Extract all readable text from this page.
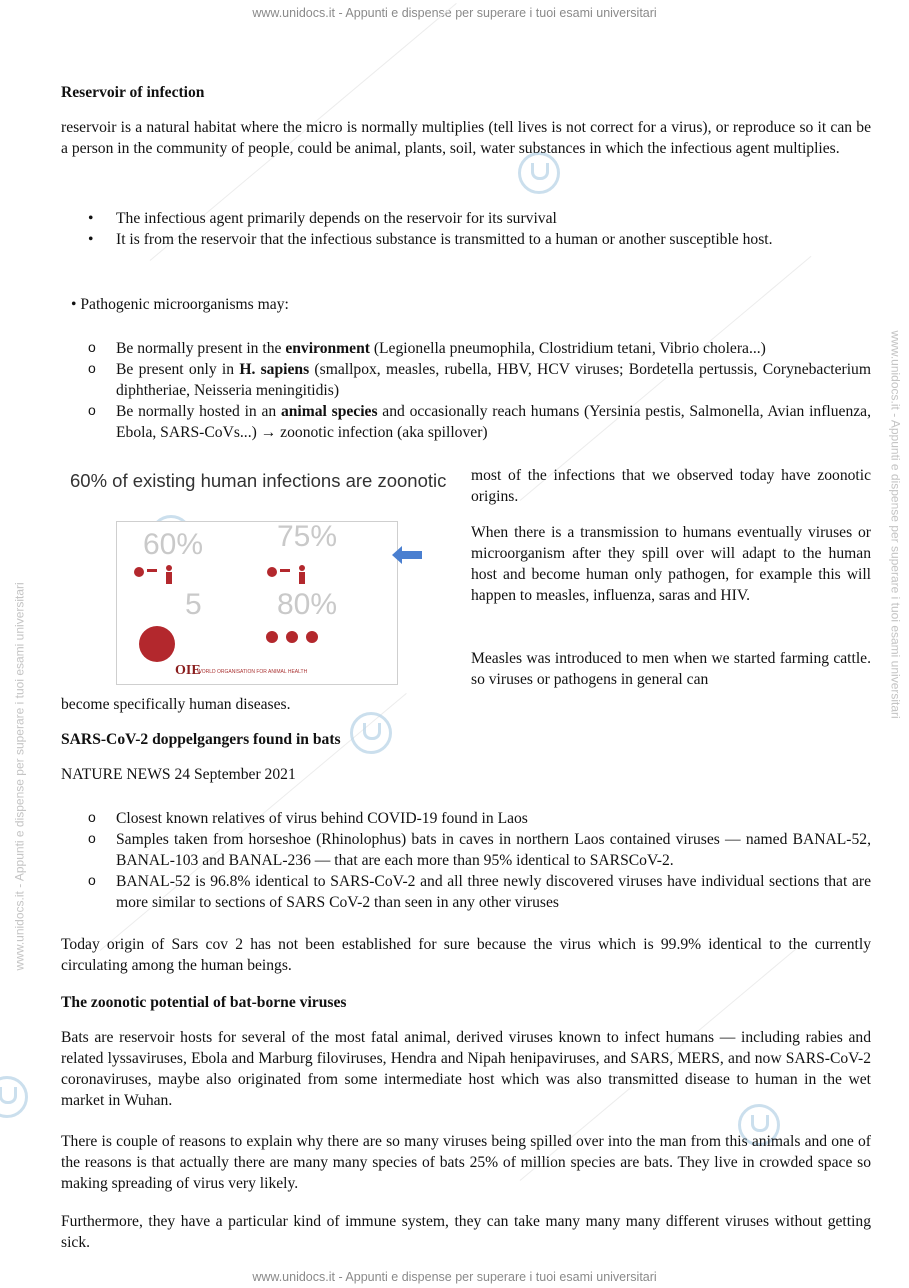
www.unidocs.it - Appunti e dispense per superare i tuoi esami universitari
www.unidocs.it - Appunti e dispense per superare i tuoi esami universitari
www.unidocs.it - Appunti e dispense per superare i tuoi esami universitari
www.unidocs.it - Appunti e dispense per superare i tuoi esami universitari
Reservoir of infection
reservoir is a natural habitat where the micro is normally multiplies (tell lives is not correct for a virus), or reproduce so it can be a person in the community of people, could be animal, plants, soil, water substances in which the infectious agent multiplies.
• The infectious agent primarily depends on the reservoir for its survival
• It is from the reservoir that the infectious substance is transmitted to a human or another susceptible host.
• Pathogenic microorganisms may:
o Be normally present in the environment (Legionella pneumophila, Clostridium tetani, Vibrio cholera...)
o Be present only in H. sapiens (smallpox, measles, rubella, HBV, HCV viruses; Bordetella pertussis, Corynebacterium diphtheriae, Neisseria meningitidis)
o Be normally hosted in an animal species and occasionally reach humans (Yersinia pestis, Salmonella, Avian influenza, Ebola, SARS-CoVs...) → zoonotic infection (aka spillover)
become specifically human diseases.
SARS-CoV-2 doppelgangers found in bats
NATURE NEWS 24 September 2021
o Closest known relatives of virus behind COVID-19 found in Laos
o Samples taken from horseshoe (Rhinolophus) bats in caves in northern Laos contained viruses — named BANAL-52, BANAL-103 and BANAL-236 — that are each more than 95% identical to SARSCoV-2.
o BANAL-52 is 96.8% identical to SARS-CoV-2 and all three newly discovered viruses have individual sections that are more similar to sections of SARS CoV-2 than seen in any other viruses
Today origin of Sars cov 2 has not been established for sure because the virus which is 99.9% identical to the currently circulating among the human beings.
The zoonotic potential of bat-borne viruses
Bats are reservoir hosts for several of the most fatal animal, derived viruses known to infect humans — including rabies and related lyssaviruses, Ebola and Marburg filoviruses, Hendra and Nipah henipaviruses, and SARS, MERS, and now SARS-CoV-2 coronaviruses, maybe also originated from some intermediate host which was also transmitted disease to human in the wet market in Wuhan.
There is couple of reasons to explain why there are so many viruses being spilled over into the man from this animals and one of the reasons is that actually there are many many species of bats 25% of million species are bats. They live in crowded space so making spreading of virus very likely.
Furthermore, they have a particular kind of immune system, they can take many many many different viruses without getting sick.
60% of existing human infections are zoonotic
60% 75%
5	80%
OIE
WORLD ORGANISATION FOR ANIMAL HEALTH
most of the infections that we observed today have zoonotic origins.
When there is a transmission to humans eventually viruses or microorganism after they spill over will adapt to the human host and become human only pathogen, for example this will happen to measles, influenza, saras and HIV.
Measles was introduced to men when we started farming cattle. so viruses or pathogens in general can
